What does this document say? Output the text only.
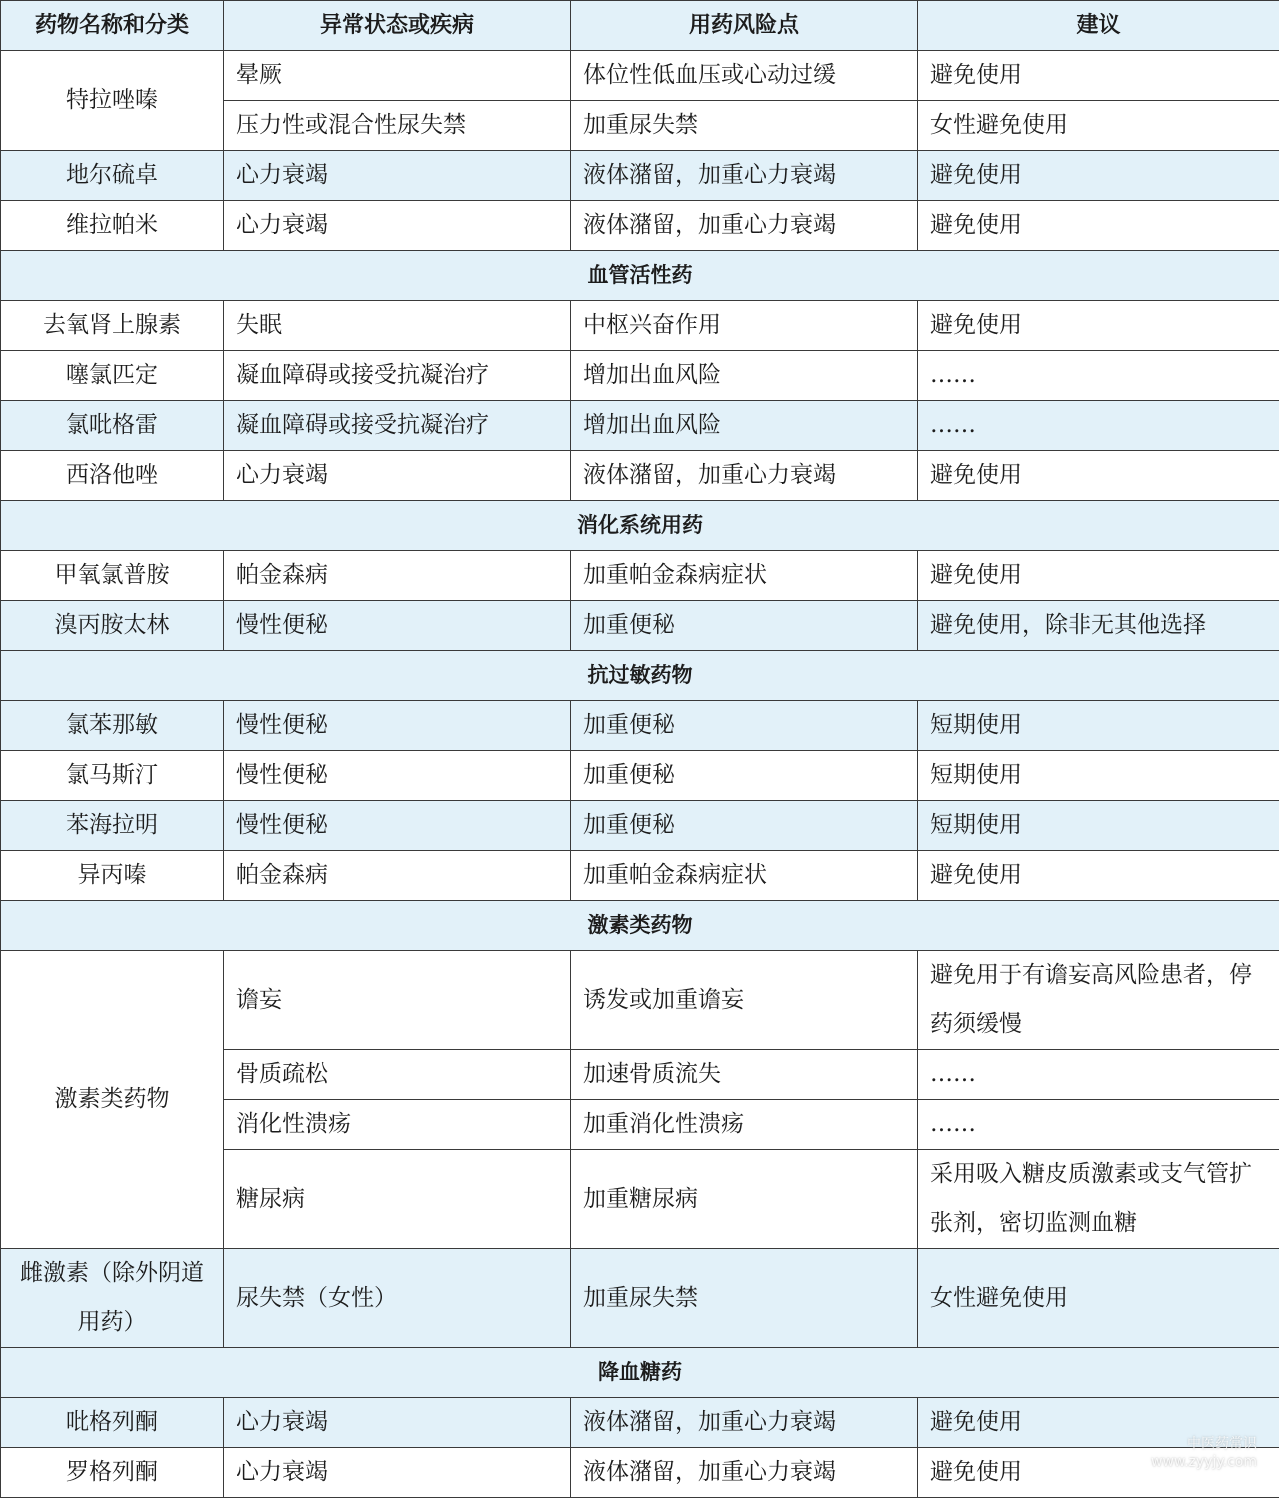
药物名称和分类	异常状态或疾病	用药风险点	建议
特拉唑嗪	晕厥	体位性低血压或心动过缓	避免使用
	压力性或混合性尿失禁	加重尿失禁	女性避免使用
地尔硫卓	心力衰竭	液体潴留，加重心力衰竭	避免使用
维拉帕米	心力衰竭	液体潴留，加重心力衰竭	避免使用
血管活性药			
去氧肾上腺素	失眠	中枢兴奋作用	避免使用
噻氯匹定	凝血障碍或接受抗凝治疗	增加出血风险	……
氯吡格雷	凝血障碍或接受抗凝治疗	增加出血风险	……
西洛他唑	心力衰竭	液体潴留，加重心力衰竭	避免使用
消化系统用药			
甲氧氯普胺	帕金森病	加重帕金森病症状	避免使用
溴丙胺太林	慢性便秘	加重便秘	避免使用，除非无其他选择
抗过敏药物			
氯苯那敏	慢性便秘	加重便秘	短期使用
氯马斯汀	慢性便秘	加重便秘	短期使用
苯海拉明	慢性便秘	加重便秘	短期使用
异丙嗪	帕金森病	加重帕金森病症状	避免使用
激素类药物			
激素类药物	谵妄	诱发或加重谵妄	避免用于有谵妄高风险患者，停药须缓慢
	骨质疏松	加速骨质流失	……
	消化性溃疡	加重消化性溃疡	……
	糖尿病	加重糖尿病	采用吸入糖皮质激素或支气管扩张剂，密切监测血糖
雌激素（除外阴道用药）	尿失禁（女性）	加重尿失禁	女性避免使用
降血糖药			
吡格列酮	心力衰竭	液体潴留，加重心力衰竭	避免使用
罗格列酮	心力衰竭	液体潴留，加重心力衰竭	避免使用
中医药常识
www.zyyjy.com
